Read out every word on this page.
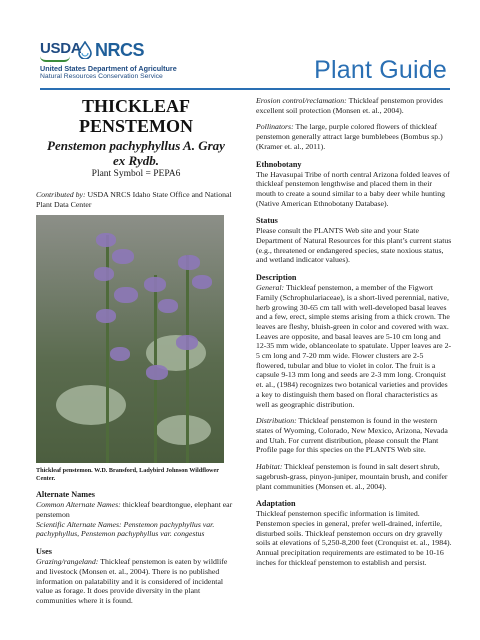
USDA NRCS
United States Department of Agriculture
Natural Resources Conservation Service	Plant Guide
THICKLEAF
PENSTEMON
Penstemon pachyphyllus A. Gray
ex Rydb.
Plant Symbol = PEPA6

Contributed by: USDA NRCS Idaho State Office and National Plant Data Center

Thickleaf penstemon. W.D. Bransford, Ladybird Johnson Wildflower Center.
Alternate Names

Common Alternate Names: thickleaf beardtongue, elephant ear penstemon

Scientific Alternate Names: Penstemon pachyphyllus var. pachyphyllus, Penstemon pachyphyllus var. congestus

Uses

Grazing/rangeland: Thickleaf penstemon is eaten by wildlife and livestock (Monsen et. al., 2004). There is no published information on palatability and it is considered of incidental value as forage. It does provide diversity in the plant communities where it is found.

Erosion control/reclamation: Thickleaf penstemon provides excellent soil protection (Monsen et. al., 2004).

Pollinators: The large, purple colored flowers of thickleaf penstemon generally attract large bumblebees (Bombus sp.) (Kramer et. al., 2011).

Ethnobotany

The Havasupai Tribe of north central Arizona folded leaves of thickleaf penstemon lengthwise and placed them in their mouth to create a sound similar to a baby deer while hunting (Native American Ethnobotany Database).

Status

Please consult the PLANTS Web site and your State Department of Natural Resources for this plant’s current status (e.g., threatened or endangered species, state noxious status, and wetland indicator values).

Description

General: Thickleaf penstemon, a member of the Figwort Family (Schrophulariaceae), is a short-lived perennial, native, herb growing 30-65 cm tall with well-developed basal leaves and a few, erect, simple stems arising from a thick crown. The leaves are fleshy, bluish-green in color and covered with wax. Leaves are opposite, and basal leaves are 5-10 cm long and 12-35 mm wide, oblanceolate to spatulate. Upper leaves are 2-5 cm long and 7-20 mm wide. Flower clusters are 2-5 flowered, tubular and blue to violet in color. The fruit is a capsule 9-13 mm long and seeds are 2-3 mm long. Cronquist et. al., (1984) recognizes two botanical varieties and provides a key to distinguish them based on floral characteristics as well as geographic distribution.

Distribution: Thickleaf penstemon is found in the western states of Wyoming, Colorado, New Mexico, Arizona, Nevada and Utah. For current distribution, please consult the Plant Profile page for this species on the PLANTS Web site.

Habitat: Thickleaf penstemon is found in salt desert shrub, sagebrush-grass, pinyon-juniper, mountain brush, and conifer plant communities (Monsen et. al., 2004).

Adaptation

Thickleaf penstemon specific information is limited. Penstemon species in general, prefer well-drained, infertile, disturbed soils. Thickleaf penstemon occurs on dry gravelly soils at elevations of 5,250-8,200 feet (Cronquist et. al., 1984). Annual precipitation requirements are estimated to be 10-16 inches for thickleaf penstemon to establish and persist.
